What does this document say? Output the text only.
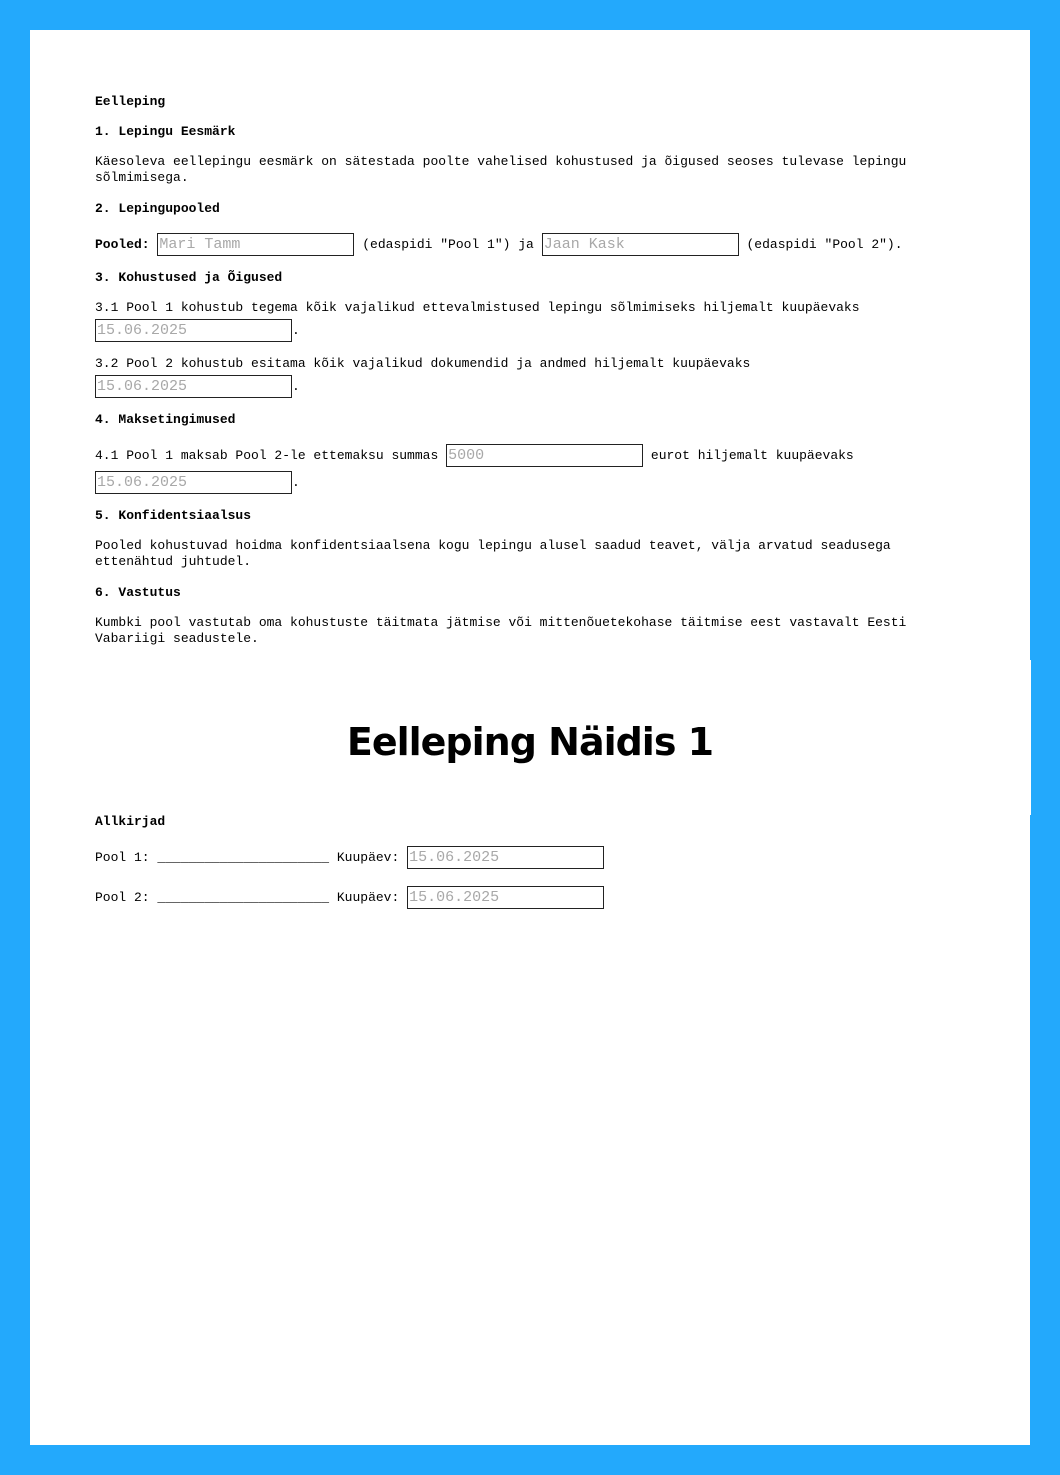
Eelleping
1. Lepingu Eesmärk
Käesoleva eellepingu eesmärk on sätestada poolte vahelised kohustused ja õigused seoses tulevase lepingu sõlmimisega.
2. Lepingupooled
Pooled: Mari Tamm	(edaspidi "Pool 1") ja Jaan Kask	(edaspidi "Pool 2").
3. Kohustused ja Õigused
3.1 Pool 1 kohustub tegema kõik vajalikud ettevalmistused lepingu sõlmimiseks hiljemalt kuupäevaks
15.06.2025.
3.2 Pool 2 kohustub esitama kõik vajalikud dokumendid ja andmed hiljemalt kuupäevaks
15.06.2025.
4. Maksetingimused
4.1 Pool 1 maksab Pool 2-le ettemaksu summas 5000	eurot hiljemalt kuupäevaks
15.06.2025.
5. Konfidentsiaalsus
Pooled kohustuvad hoidma konfidentsiaalsena kogu lepingu alusel saadud teavet, välja arvatud seadusega ettenähtud juhtudel.
6. Vastutus
Kumbki pool vastutab oma kohustuste täitmata jätmise või mittenõuetekohase täitmise eest vastavalt Eesti Vabariigi seadustele.
Allkirjad
Pool 1: ______________________ Kuupäev: 15.06.2025
Pool 2: ______________________ Kuupäev: 15.06.2025
Eelleping Näidis 1
